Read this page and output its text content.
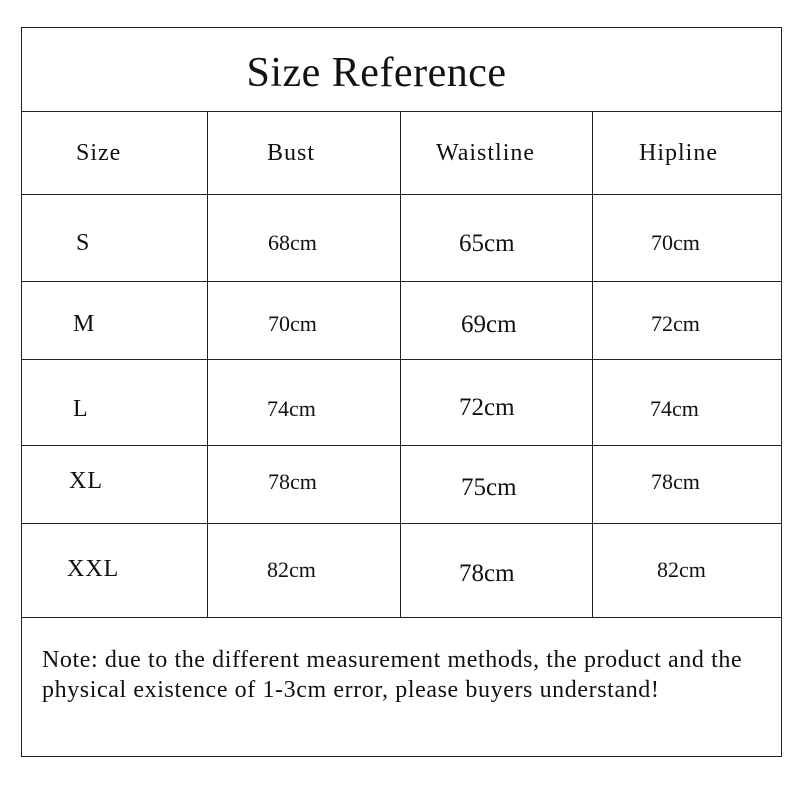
Size Reference
Size	Bust	Waistline	Hipline
S	68cm	65cm	70cm
M	70cm	69cm	72cm
L	74cm	72cm	74cm
XL	78cm	75cm	78cm
XXL	82cm	78cm	82cm
Note: due to the different measurement methods, the product and the physical existence of 1-3cm error, please buyers understand!
